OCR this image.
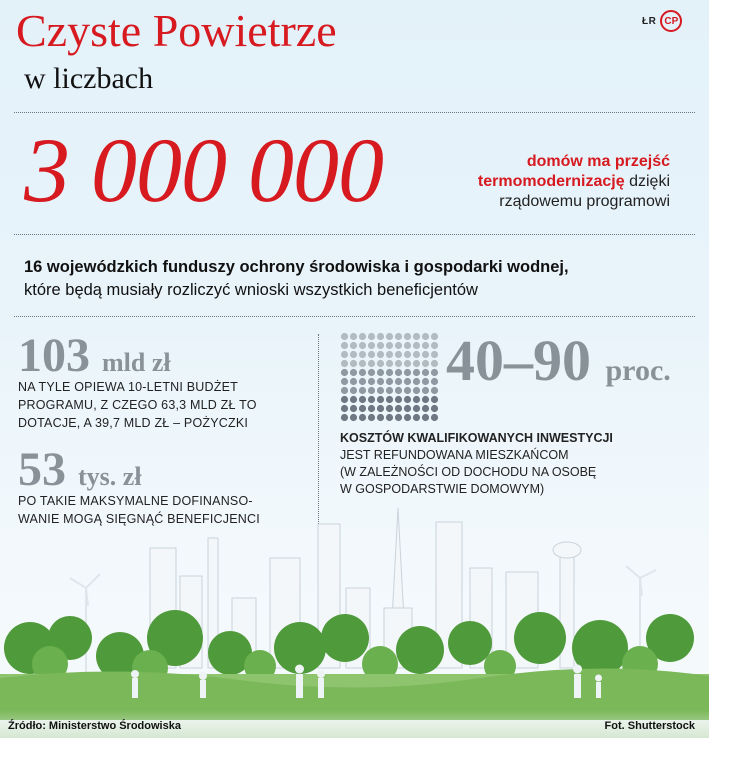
Czyste Powietrze
w liczbach
ŁR CP
3 000 000	domów ma przejść
termomodernizację dzięki
rządowemu programowi
16 wojewódzkich funduszy ochrony środowiska i gospodarki wodnej,
które będą musiały rozliczyć wnioski wszystkich beneficjentów
103 mld zł
NA TYLE OPIEWA 10-LETNI BUDŻET
PROGRAMU, Z CZEGO 63,3 MLD ZŁ TO
DOTACJE, A 39,7 MLD ZŁ – POŻYCZKI
53 tys. zł
PO TAKIE MAKSYMALNE DOFINANSO-
WANIE MOGĄ SIĘGNĄĆ BENEFICJENCI
40–90 proc.
KOSZTÓW KWALIFIKOWANYCH INWESTYCJI
JEST REFUNDOWANA MIESZKAŃCOM
(W ZALEŻNOŚCI OD DOCHODU NA OSOBĘ
W GOSPODARSTWIE DOMOWYM)
Źródło: Ministerstwo Środowiska	Fot. Shutterstock
